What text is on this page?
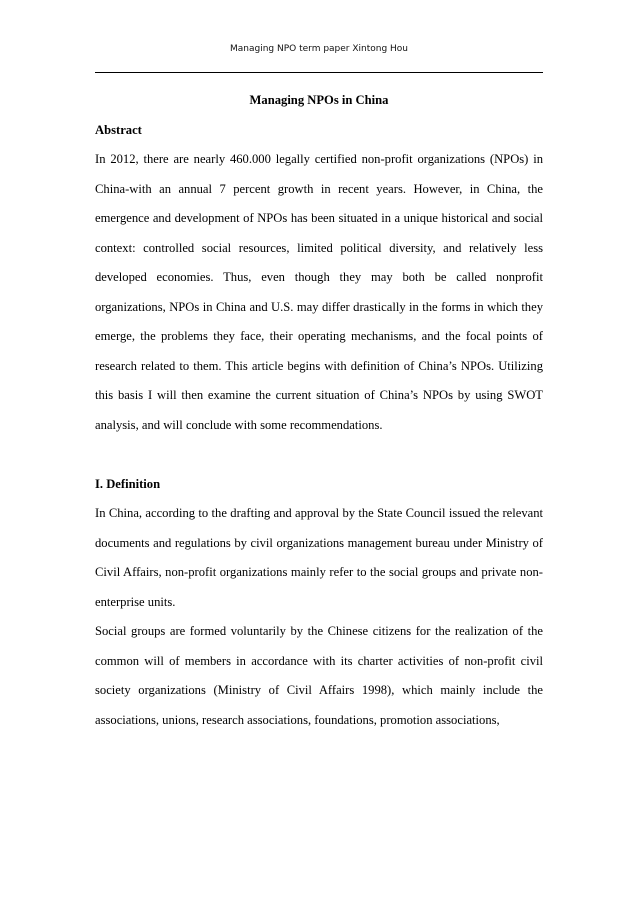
Managing NPO term paper Xintong Hou

Managing NPOs in China

Abstract

In 2012, there are nearly 460.000 legally certified non-profit organizations (NPOs) in China-with an annual 7 percent growth in recent years. However, in China, the emergence and development of NPOs has been situated in a unique historical and social context: controlled social resources, limited political diversity, and relatively less developed economies. Thus, even though they may both be called nonprofit organizations, NPOs in China and U.S. may differ drastically in the forms in which they emerge, the problems they face, their operating mechanisms, and the focal points of research related to them. This article begins with definition of China’s NPOs. Utilizing this basis I will then examine the current situation of China’s NPOs by using SWOT analysis, and will conclude with some recommendations.

I. Definition

In China, according to the drafting and approval by the State Council issued the relevant documents and regulations by civil organizations management bureau under Ministry of Civil Affairs, non-profit organizations mainly refer to the social groups and private non-enterprise units.

Social groups are formed voluntarily by the Chinese citizens for the realization of the common will of members in accordance with its charter activities of non-profit civil society organizations (Ministry of Civil Affairs 1998), which mainly include the associations, unions, research associations, foundations, promotion associations,
